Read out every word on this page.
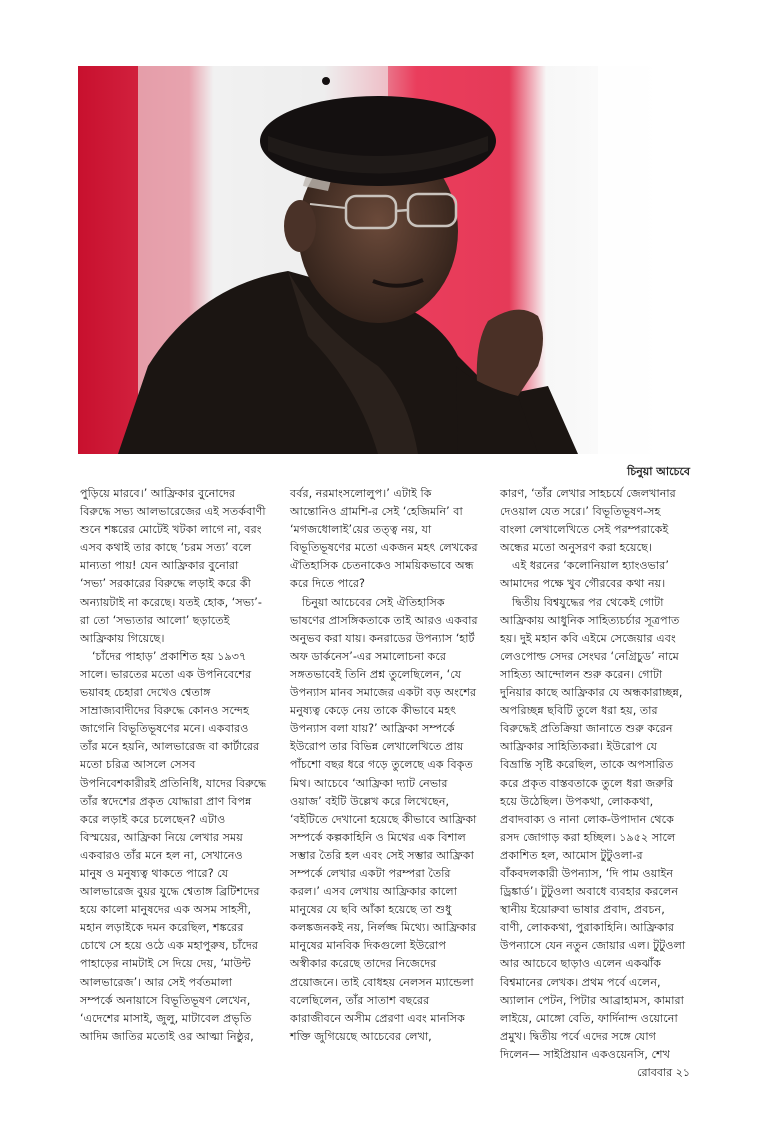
চিনুয়া আচেবে

পুড়িয়ে মারবে।’ আফ্রিকার বুনোদের বিরুদ্ধে সভ্য আলভারেজের এই সতর্কবাণী শুনে শঙ্করের মোটেই খটকা লাগে না, বরং এসব কথাই তার কাছে ‘চরম সত্য’ বলে মান্যতা পায়! যেন আফ্রিকার বুনোরা ‘সভ্য’ সরকারের বিরুদ্ধে লড়াই করে কী অন্যায়টাই না করেছে। যতই হোক, ‘সভ্য’-রা তো ‘সভ্যতার আলো’ ছড়াতেই আফ্রিকায় গিয়েছে।

‘চাঁদের পাহাড়’ প্রকাশিত হয় ১৯৩৭ সালে। ভারতের মতো এক উপনিবেশের ভয়াবহ চেহারা দেখেও শ্বেতাঙ্গ সাম্রাজ্যবাদীদের বিরুদ্ধে কোনও সন্দেহ জাগেনি বিভূতিভূষণের মনে। একবারও তাঁর মনে হয়নি, আলভারেজ বা কার্টারের মতো চরিত্র আসলে সেসব উপনিবেশকারীরই প্রতিনিধি, যাদের বিরুদ্ধে তাঁর স্বদেশের প্রকৃত যোদ্ধারা প্রাণ বিপন্ন করে লড়াই করে চলেছেন? এটাও বিস্ময়ের, আফ্রিকা নিয়ে লেখার সময় একবারও তাঁর মনে হল না, সেখানেও মানুষ ও মনুষ্যত্ব থাকতে পারে? যে আলভারেজ বুয়র যুদ্ধে শ্বেতাঙ্গ ব্রিটিশদের হয়ে কালো মানুষদের এক অসম সাহসী, মহান লড়াইকে দমন করেছিল, শঙ্করের চোখে সে হয়ে ওঠে এক মহাপুরুষ, চাঁদের পাহাড়ের নামটাই সে দিয়ে দেয়, ‘মাউন্ট আলভারেজ’। আর সেই পর্বতমালা সম্পর্কে অনায়াসে বিভূতিভূষণ লেখেন, ‘এদেশের মাসাই, জুলু, মাটাবেল প্রভৃতি আদিম জাতির মতোই ওর আত্মা নিষ্ঠুর,

বর্বর, নরমাংসলোলুপ।’ এটাই কি আন্তোনিও গ্রামশি-র সেই ‘হেজিমনি’ বা ‘মগজধোলাই’য়ের তত্ত্ব নয়, যা বিভূতিভূষণের মতো একজন মহৎ লেখকের ঐতিহাসিক চেতনাকেও সাময়িকভাবে অন্ধ করে দিতে পারে?

চিনুয়া আচেবের সেই ঐতিহাসিক ভাষণের প্রাসঙ্গিকতাকে তাই আরও একবার অনুভব করা যায়। কনরাডের উপন্যাস ‘হার্ট অফ ডার্কনেস’-এর সমালোচনা করে সঙ্গতভাবেই তিনি প্রশ্ন তুলেছিলেন, ‘যে উপন্যাস মানব সমাজের একটা বড় অংশের মনুষ্যত্ব কেড়ে নেয় তাকে কীভাবে মহৎ উপন্যাস বলা যায়?’ আফ্রিকা সম্পর্কে ইউরোপ তার বিভিন্ন লেখালেখিতে প্রায় পাঁচশো বছর ধরে গড়ে তুলেছে এক বিকৃত মিথ। আচেবে ‘আফ্রিকা দ্যাট নেভার ওয়াজ’ বইটি উল্লেখ করে লিখেছেন, ‘বইটিতে দেখানো হয়েছে কীভাবে আফ্রিকা সম্পর্কে কল্পকাহিনি ও মিথের এক বিশাল সম্ভার তৈরি হল এবং সেই সম্ভার আফ্রিকা সম্পর্কে লেখার একটা পরম্পরা তৈরি করল।’ এসব লেখায় আফ্রিকার কালো মানুষের যে ছবি আঁকা হয়েছে তা শুধু কলঙ্কজনকই নয়, নির্লজ্জ মিথ্যে। আফ্রিকার মানুষের মানবিক দিকগুলো ইউরোপ অস্বীকার করেছে তাদের নিজেদের প্রয়োজনে। তাই বোধহয় নেলসন ম্যান্ডেলা বলেছিলেন, তাঁর সাতাশ বছরের কারাজীবনে অসীম প্রেরণা এবং মানসিক শক্তি জুগিয়েছে আচেবের লেখা,

কারণ, ‘তাঁর লেখার সাহচর্যে জেলখানার দেওয়াল যেত সরে।’ বিভূতিভূষণ-সহ বাংলা লেখালেখিতে সেই পরম্পরাকেই অন্ধের মতো অনুসরণ করা হয়েছে।

এই ধরনের ‘কলোনিয়াল হ্যাংওভার’ আমাদের পক্ষে খুব গৌরবের কথা নয়।

দ্বিতীয় বিশ্বযুদ্ধের পর থেকেই গোটা আফ্রিকায় আধুনিক সাহিত্যচর্চার সূত্রপাত হয়। দুই মহান কবি এইমে সেজেয়ার এবং লেওপোল্ড সেদর সেংঘর ‘নেগ্রিচুড’ নামে সাহিত্য আন্দোলন শুরু করেন। গোটা দুনিয়ার কাছে আফ্রিকার যে অন্ধকারাচ্ছন্ন, অপরিচ্ছন্ন ছবিটি তুলে ধরা হয়, তার বিরুদ্ধেই প্রতিক্রিয়া জানাতে শুরু করেন আফ্রিকার সাহিত্যিকরা। ইউরোপ যে বিভ্রান্তি সৃষ্টি করেছিল, তাকে অপসারিত করে প্রকৃত বাস্তবতাকে তুলে ধরা জরুরি হয়ে উঠেছিল। উপকথা, লোককথা, প্রবাদবাক্য ও নানা লোক-উপাদান থেকে রসদ জোগাড় করা হচ্ছিল। ১৯৫২ সালে প্রকাশিত হল, আমোস টুটুওলা-র বাঁকবদলকারী উপন্যাস, ‘দি পাম ওয়াইন ড্রিঙ্কার্ড’। টুটুওলা অবাধে ব্যবহার করলেন স্থানীয় ইয়োরুবা ভাষার প্রবাদ, প্রবচন, বাণী, লোককথা, পুরাকাহিনি। আফ্রিকার উপন্যাসে যেন নতুন জোয়ার এল। টুটুওলা আর আচেবে ছাড়াও এলেন একঝাঁক বিশ্বমানের লেখক। প্রথম পর্বে এলেন, অ্যালান পেটন, পিটার আব্রাহামস, কামারা লাইয়ে, মোঙ্গো বেতি, ফার্দিনান্দ ওয়োনো প্রমুখ। দ্বিতীয় পর্বে এদের সঙ্গে যোগ দিলেন— সাইপ্রিয়ান একওয়েনসি, শেখ

রোববার ২১
